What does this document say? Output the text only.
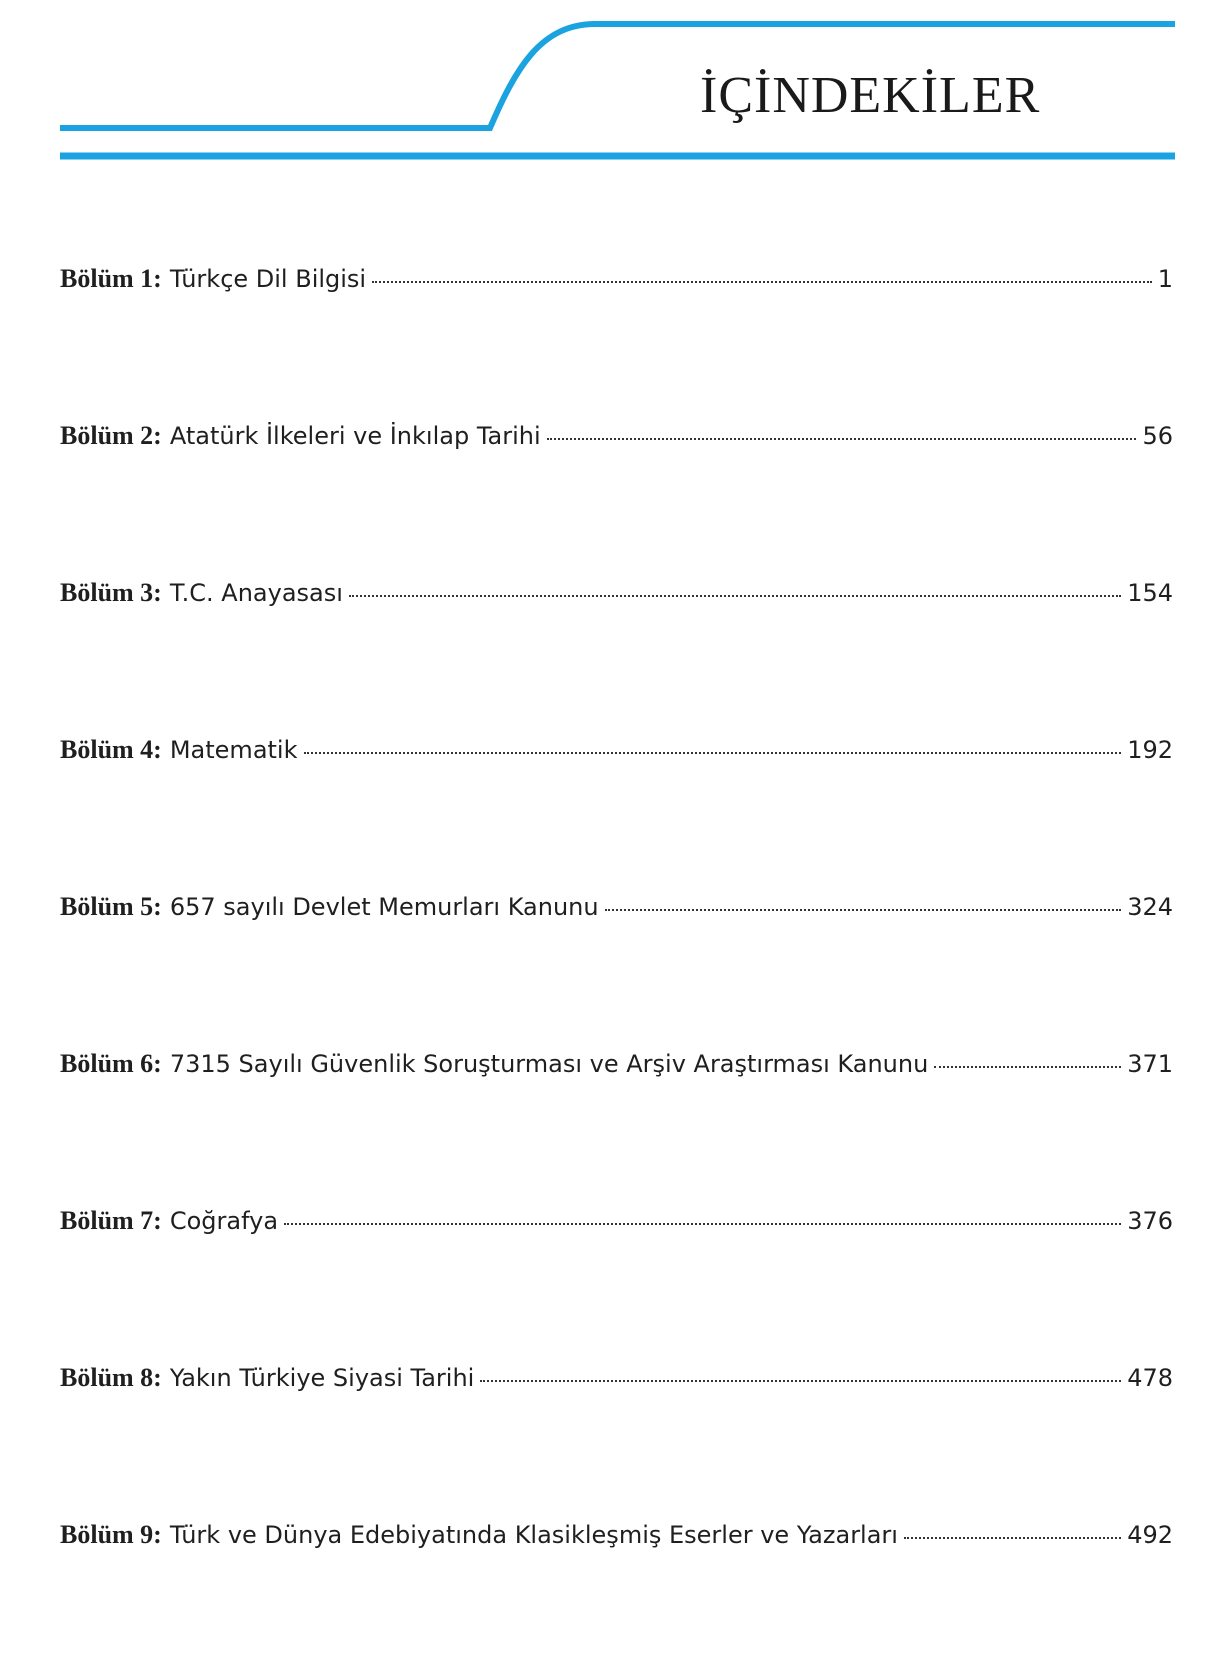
İÇİNDEKİLER
Bölüm 1: Türkçe Dil Bilgisi	1
Bölüm 2: Atatürk İlkeleri ve İnkılap Tarihi	56
Bölüm 3: T.C. Anayasası	154
Bölüm 4: Matematik	192
Bölüm 5: 657 sayılı Devlet Memurları Kanunu	324
Bölüm 6: 7315 Sayılı Güvenlik Soruşturması ve Arşiv Araştırması Kanunu	371
Bölüm 7: Coğrafya	376
Bölüm 8: Yakın Türkiye Siyasi Tarihi	478
Bölüm 9: Türk ve Dünya Edebiyatında Klasikleşmiş Eserler ve Yazarları	492
